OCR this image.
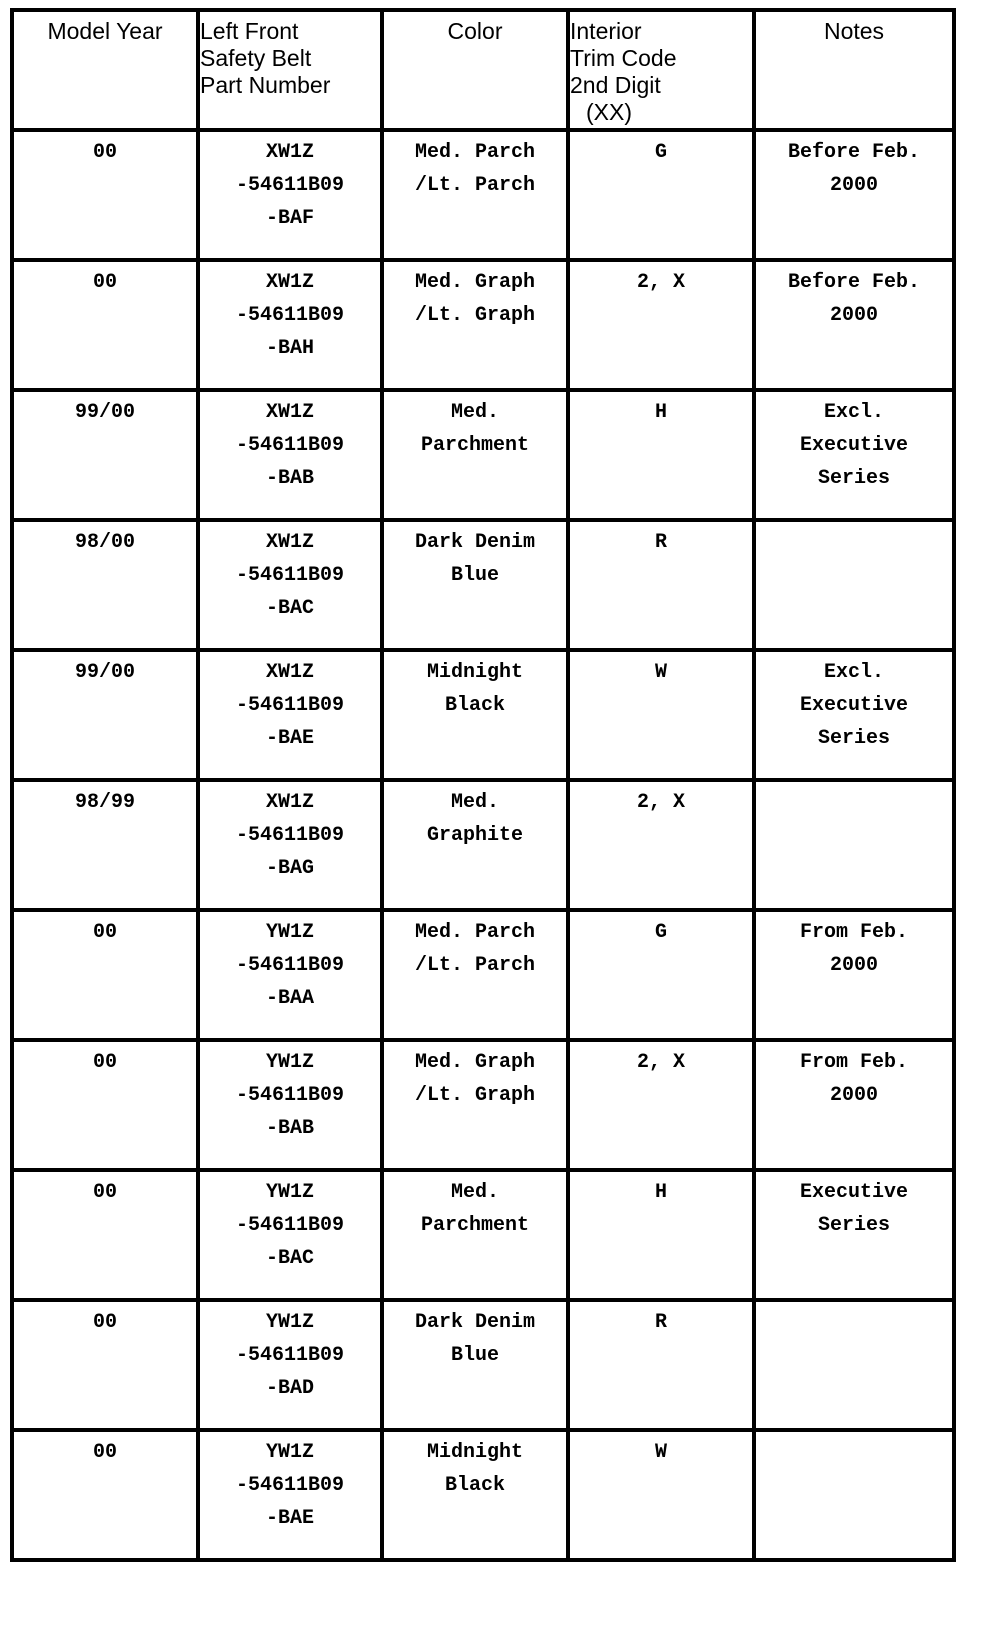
Model Year	Left Front
Safety Belt
Part Number	Color	Interior
Trim Code
2nd Digit
(XX)	Notes

00	XW1Z
-54611B09
-BAF	Med. Parch
/Lt. Parch	G	Before Feb.
2000

00	XW1Z
-54611B09
-BAH	Med. Graph
/Lt. Graph	2, X	Before Feb.
2000

99/00	XW1Z
-54611B09
-BAB	Med.
Parchment	H	Excl.
Executive
Series

98/00	XW1Z
-54611B09
-BAC	Dark Denim
Blue	R	

99/00	XW1Z
-54611B09
-BAE	Midnight
Black	W	Excl.
Executive
Series

98/99	XW1Z
-54611B09
-BAG	Med.
Graphite	2, X	

00	YW1Z
-54611B09
-BAA	Med. Parch
/Lt. Parch	G	From Feb.
2000

00	YW1Z
-54611B09
-BAB	Med. Graph
/Lt. Graph	2, X	From Feb.
2000

00	YW1Z
-54611B09
-BAC	Med.
Parchment	H	Executive
Series

00	YW1Z
-54611B09
-BAD	Dark Denim
Blue	R	

00	YW1Z
-54611B09
-BAE	Midnight
Black	W	
